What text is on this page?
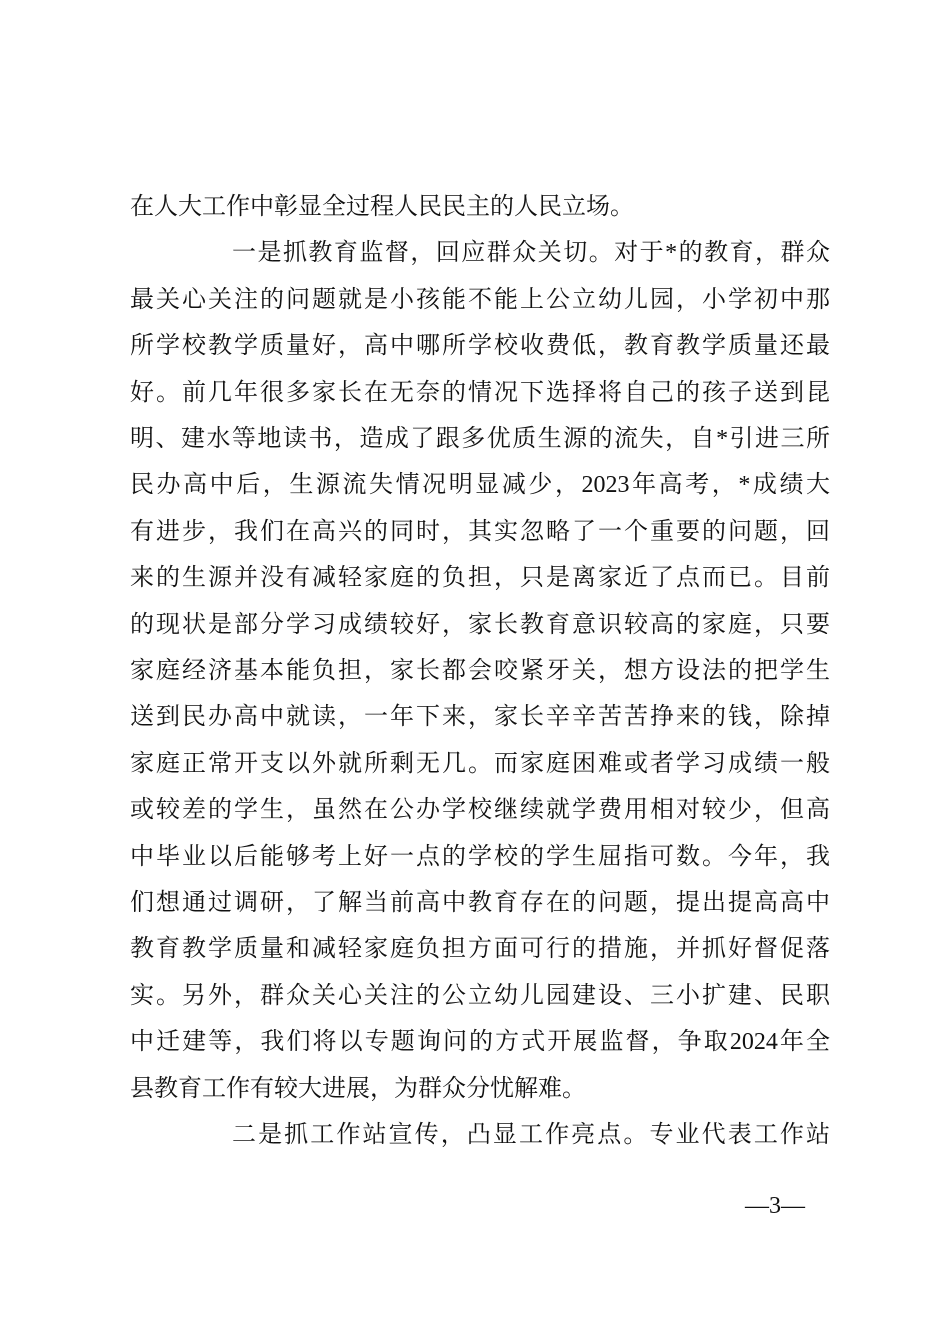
—3—
在人大工作中彰显全过程人民民主的人民立场。
一是抓教育监督，回应群众关切。对于*的教育，群众
最关心关注的问题就是小孩能不能上公立幼儿园，小学初中那
所学校教学质量好，高中哪所学校收费低，教育教学质量还最
好。前几年很多家长在无奈的情况下选择将自己的孩子送到昆
明、建水等地读书，造成了跟多优质生源的流失，自*引进三所
民办高中后，生源流失情况明显减少，2023年高考，*成绩大
有进步，我们在高兴的同时，其实忽略了一个重要的问题，回
来的生源并没有减轻家庭的负担，只是离家近了点而已。目前
的现状是部分学习成绩较好，家长教育意识较高的家庭，只要
家庭经济基本能负担，家长都会咬紧牙关，想方设法的把学生
送到民办高中就读，一年下来，家长辛辛苦苦挣来的钱，除掉
家庭正常开支以外就所剩无几。而家庭困难或者学习成绩一般
或较差的学生，虽然在公办学校继续就学费用相对较少，但高
中毕业以后能够考上好一点的学校的学生屈指可数。今年，我
们想通过调研，了解当前高中教育存在的问题，提出提高高中
教育教学质量和减轻家庭负担方面可行的措施，并抓好督促落
实。另外，群众关心关注的公立幼儿园建设、三小扩建、民职
中迁建等，我们将以专题询问的方式开展监督，争取2024年全
县教育工作有较大进展，为群众分忧解难。
二是抓工作站宣传，凸显工作亮点。专业代表工作站
